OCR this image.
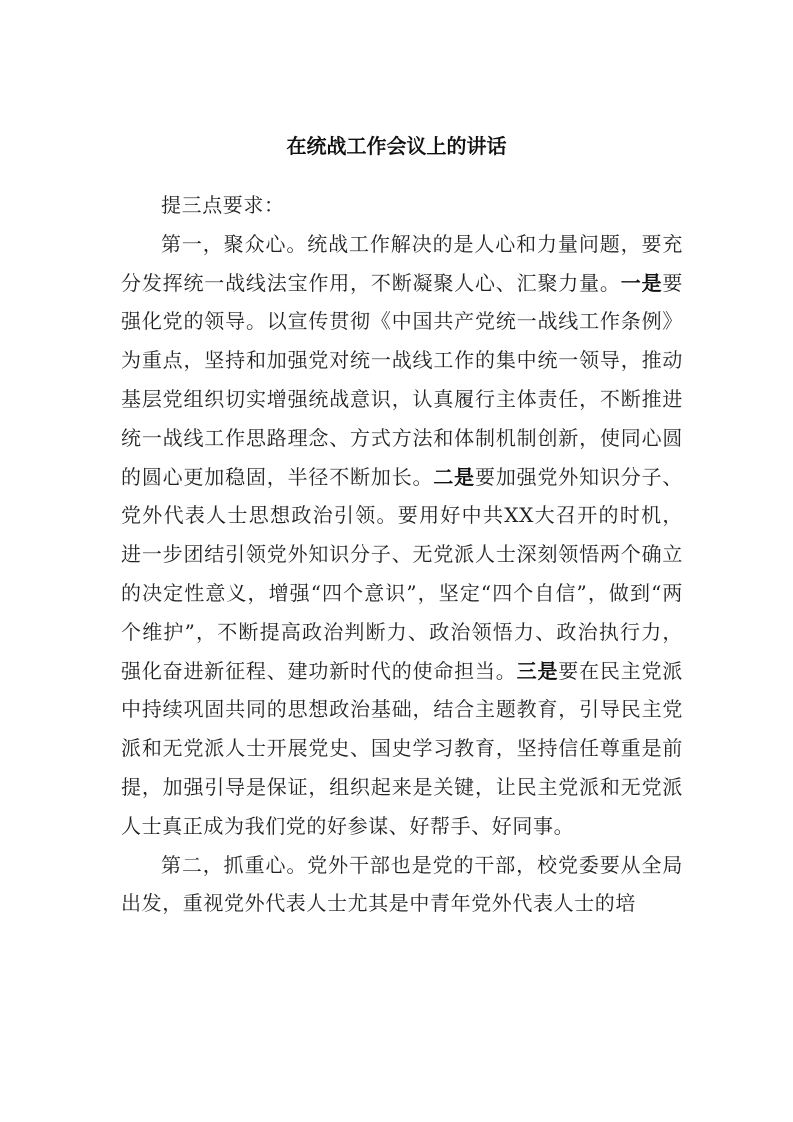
在统战工作会议上的讲话

提三点要求：

第一，聚众心。统战工作解决的是人心和力量问题，要充分发挥统一战线法宝作用，不断凝聚人心、汇聚力量。一是要强化党的领导。以宣传贯彻《中国共产党统一战线工作条例》为重点，坚持和加强党对统一战线工作的集中统一领导，推动基层党组织切实增强统战意识，认真履行主体责任，不断推进统一战线工作思路理念、方式方法和体制机制创新，使同心圆的圆心更加稳固，半径不断加长。二是要加强党外知识分子、党外代表人士思想政治引领。要用好中共XX大召开的时机，进一步团结引领党外知识分子、无党派人士深刻领悟两个确立的决定性意义，增强“四个意识”，坚定“四个自信”，做到“两个维护”，不断提高政治判断力、政治领悟力、政治执行力，强化奋进新征程、建功新时代的使命担当。三是要在民主党派中持续巩固共同的思想政治基础，结合主题教育，引导民主党派和无党派人士开展党史、国史学习教育，坚持信任尊重是前提，加强引导是保证，组织起来是关键，让民主党派和无党派人士真正成为我们党的好参谋、好帮手、好同事。

第二，抓重心。党外干部也是党的干部，校党委要从全局出发，重视党外代表人士尤其是中青年党外代表人士的培
